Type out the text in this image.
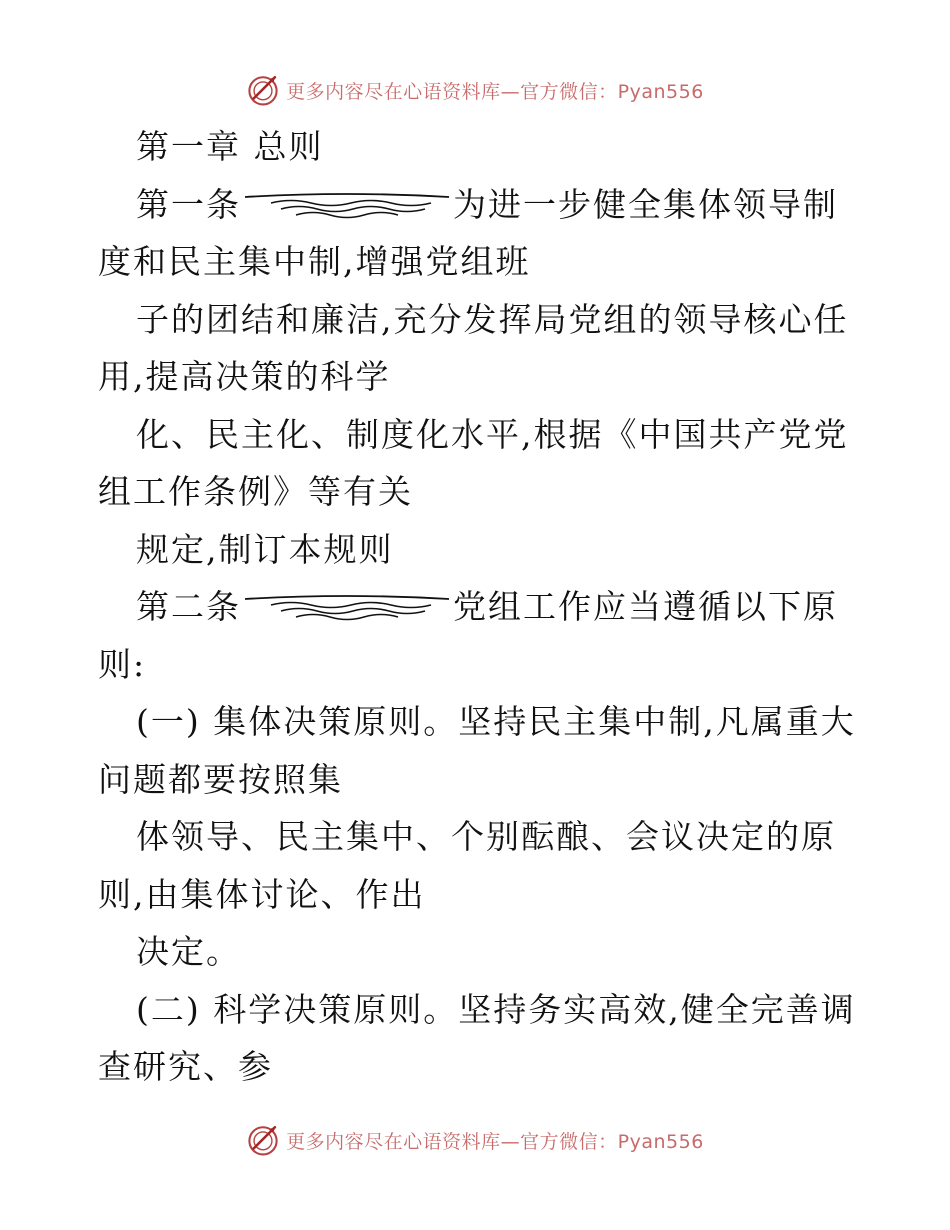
更多内容尽在心语资料库—官方微信：Pyan556
第一章 总则
第一条	为进一步健全集体领导制
度和民主集中制,增强党组班
子的团结和廉洁,充分发挥局党组的领导核心任
用,提高决策的科学
化、民主化、制度化水平,根据《中国共产党党
组工作条例》等有关
规定,制订本规则
第二条	党组工作应当遵循以下原
则:
(一) 集体决策原则。坚持民主集中制,凡属重大
问题都要按照集
体领导、民主集中、个别酝酿、会议决定的原
则,由集体讨论、作出
决定。
(二) 科学决策原则。坚持务实高效,健全完善调
查研究、参
更多内容尽在心语资料库—官方微信：Pyan556
